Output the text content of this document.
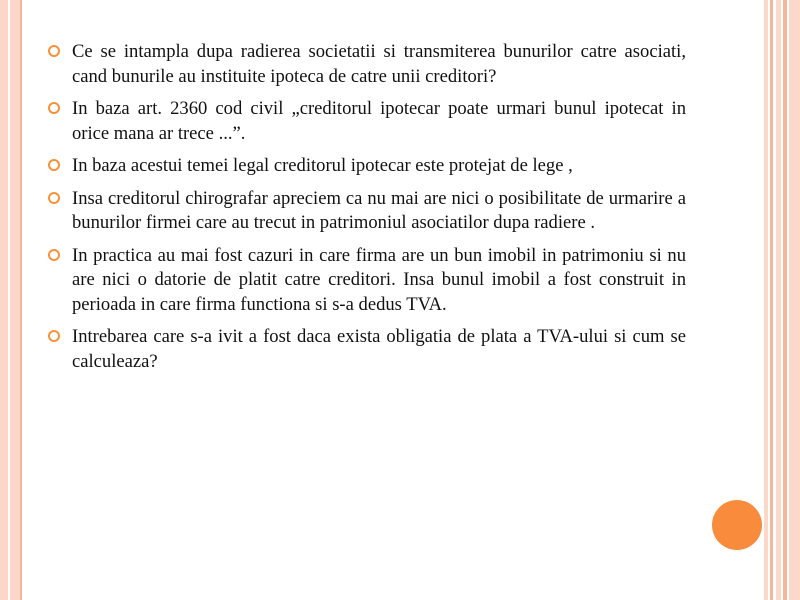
Ce se intampla dupa radierea societatii si transmiterea bunurilor catre asociati, cand bunurile au instituite ipoteca de catre unii creditori?
In baza art. 2360 cod civil „creditorul ipotecar poate urmari bunul ipotecat in orice mana ar trece ...”.
In baza acestui temei legal creditorul ipotecar este protejat de lege ,
Insa creditorul chirografar apreciem ca nu mai are nici o posibilitate de urmarire a bunurilor firmei care au trecut in patrimoniul asociatilor dupa radiere .
In practica au mai fost cazuri in care firma are un bun imobil in patrimoniu si nu are nici o datorie de platit catre creditori. Insa bunul imobil a fost construit in perioada in care firma functiona si s-a dedus TVA.
Intrebarea care s-a ivit a fost daca exista obligatia de plata a TVA-ului si cum se calculeaza?
